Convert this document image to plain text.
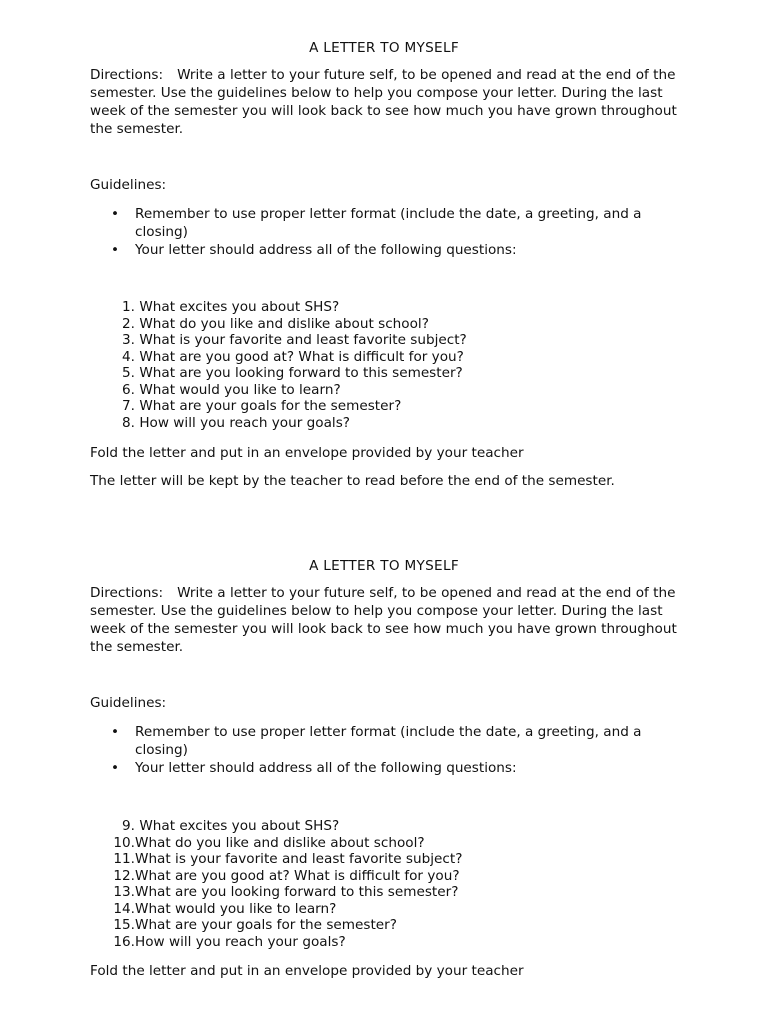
A LETTER TO MYSELF
Directions: Write a letter to your future self, to be opened and read at the end of the semester. Use the guidelines below to help you compose your letter. During the last week of the semester you will look back to see how much you have grown throughout the semester.
Guidelines:
• Remember to use proper letter format (include the date, a greeting, and a closing)
• Your letter should address all of the following questions:
1. What excites you about SHS?
2. What do you like and dislike about school?
3. What is your favorite and least favorite subject?
4. What are you good at? What is difficult for you?
5. What are you looking forward to this semester?
6. What would you like to learn?
7. What are your goals for the semester?
8. How will you reach your goals?
Fold the letter and put in an envelope provided by your teacher
The letter will be kept by the teacher to read before the end of the semester.
A LETTER TO MYSELF
Directions: Write a letter to your future self, to be opened and read at the end of the semester. Use the guidelines below to help you compose your letter. During the last week of the semester you will look back to see how much you have grown throughout the semester.
Guidelines:
• Remember to use proper letter format (include the date, a greeting, and a closing)
• Your letter should address all of the following questions:
9. What excites you about SHS?
10.What do you like and dislike about school?
11.What is your favorite and least favorite subject?
12.What are you good at? What is difficult for you?
13.What are you looking forward to this semester?
14.What would you like to learn?
15.What are your goals for the semester?
16.How will you reach your goals?
Fold the letter and put in an envelope provided by your teacher
